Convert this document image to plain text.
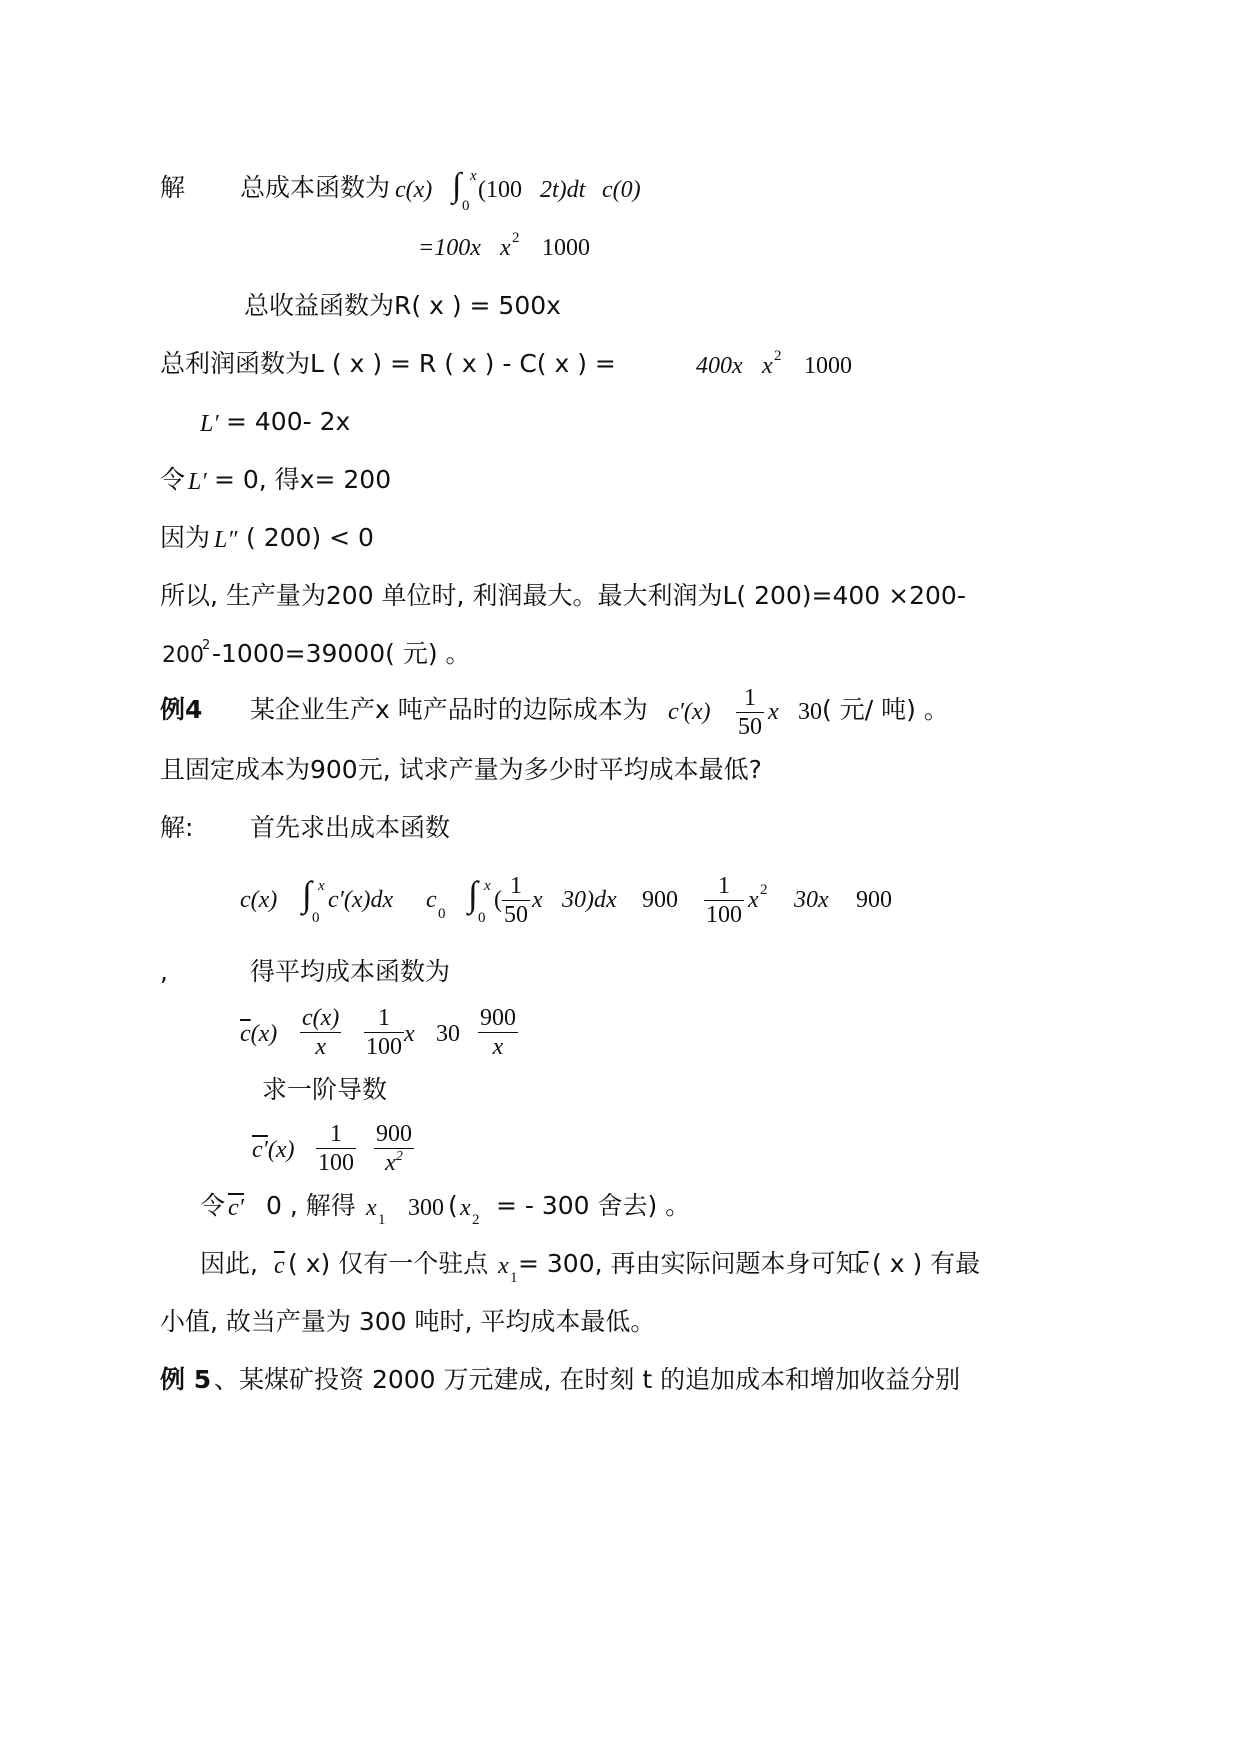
解 总成本函数为 c(x) ∫ x
0
(100 2t)dt c(0)
=100x x 2 1000
总收益函数为R( x ) = 500x
总利润函数为L ( x ) = R ( x ) - C( x ) =	400x x 2 1000
L′ = 400- 2x
令 L′ = 0, 得x= 200
因为 L″ ( 200) < 0
所以, 生产量为200 单位时, 利润最大。最大利润为L( 200)=400 ×200-
200
2 -1000=39000( 元) 。
例4 某企业生产x 吨产品时的边际成本为 $c'(x) \frac{1}{50}$ x 30 ( 元/ 吨) 。
且固定成本为900元, 试求产量为多少时平均成本最低?
解: 首先求出成本函数
c(x) ∫ x
0
c′(x)dx c
0 ∫ x
0
( $\frac{1}{50}$ x 30)dx $900 \frac{1}{100}$ x 2 30x 900
,	得平均成本函数为
$\overline{c}(x) \frac{c(x)}{x} \frac{1}{100}$ x $30 \frac{900}{x}$
求一阶导数
$c'(x) \frac{1}{100} \frac{900}{x^2}$
令 c′ 0 , 解得 x 1 300 ( x 2 = - 300 舍去) 。
因此, $\overline{c}$ ( x) 仅有一个驻点 x 1 = 300, 再由实际问题本身可知
$\overline{c}$ ( x ) 有最
小值, 故当产量为 300 吨时, 平均成本最低。
例 5 、某煤矿投资 2000 万元建成, 在时刻 t 的追加成本和增加收益分别
